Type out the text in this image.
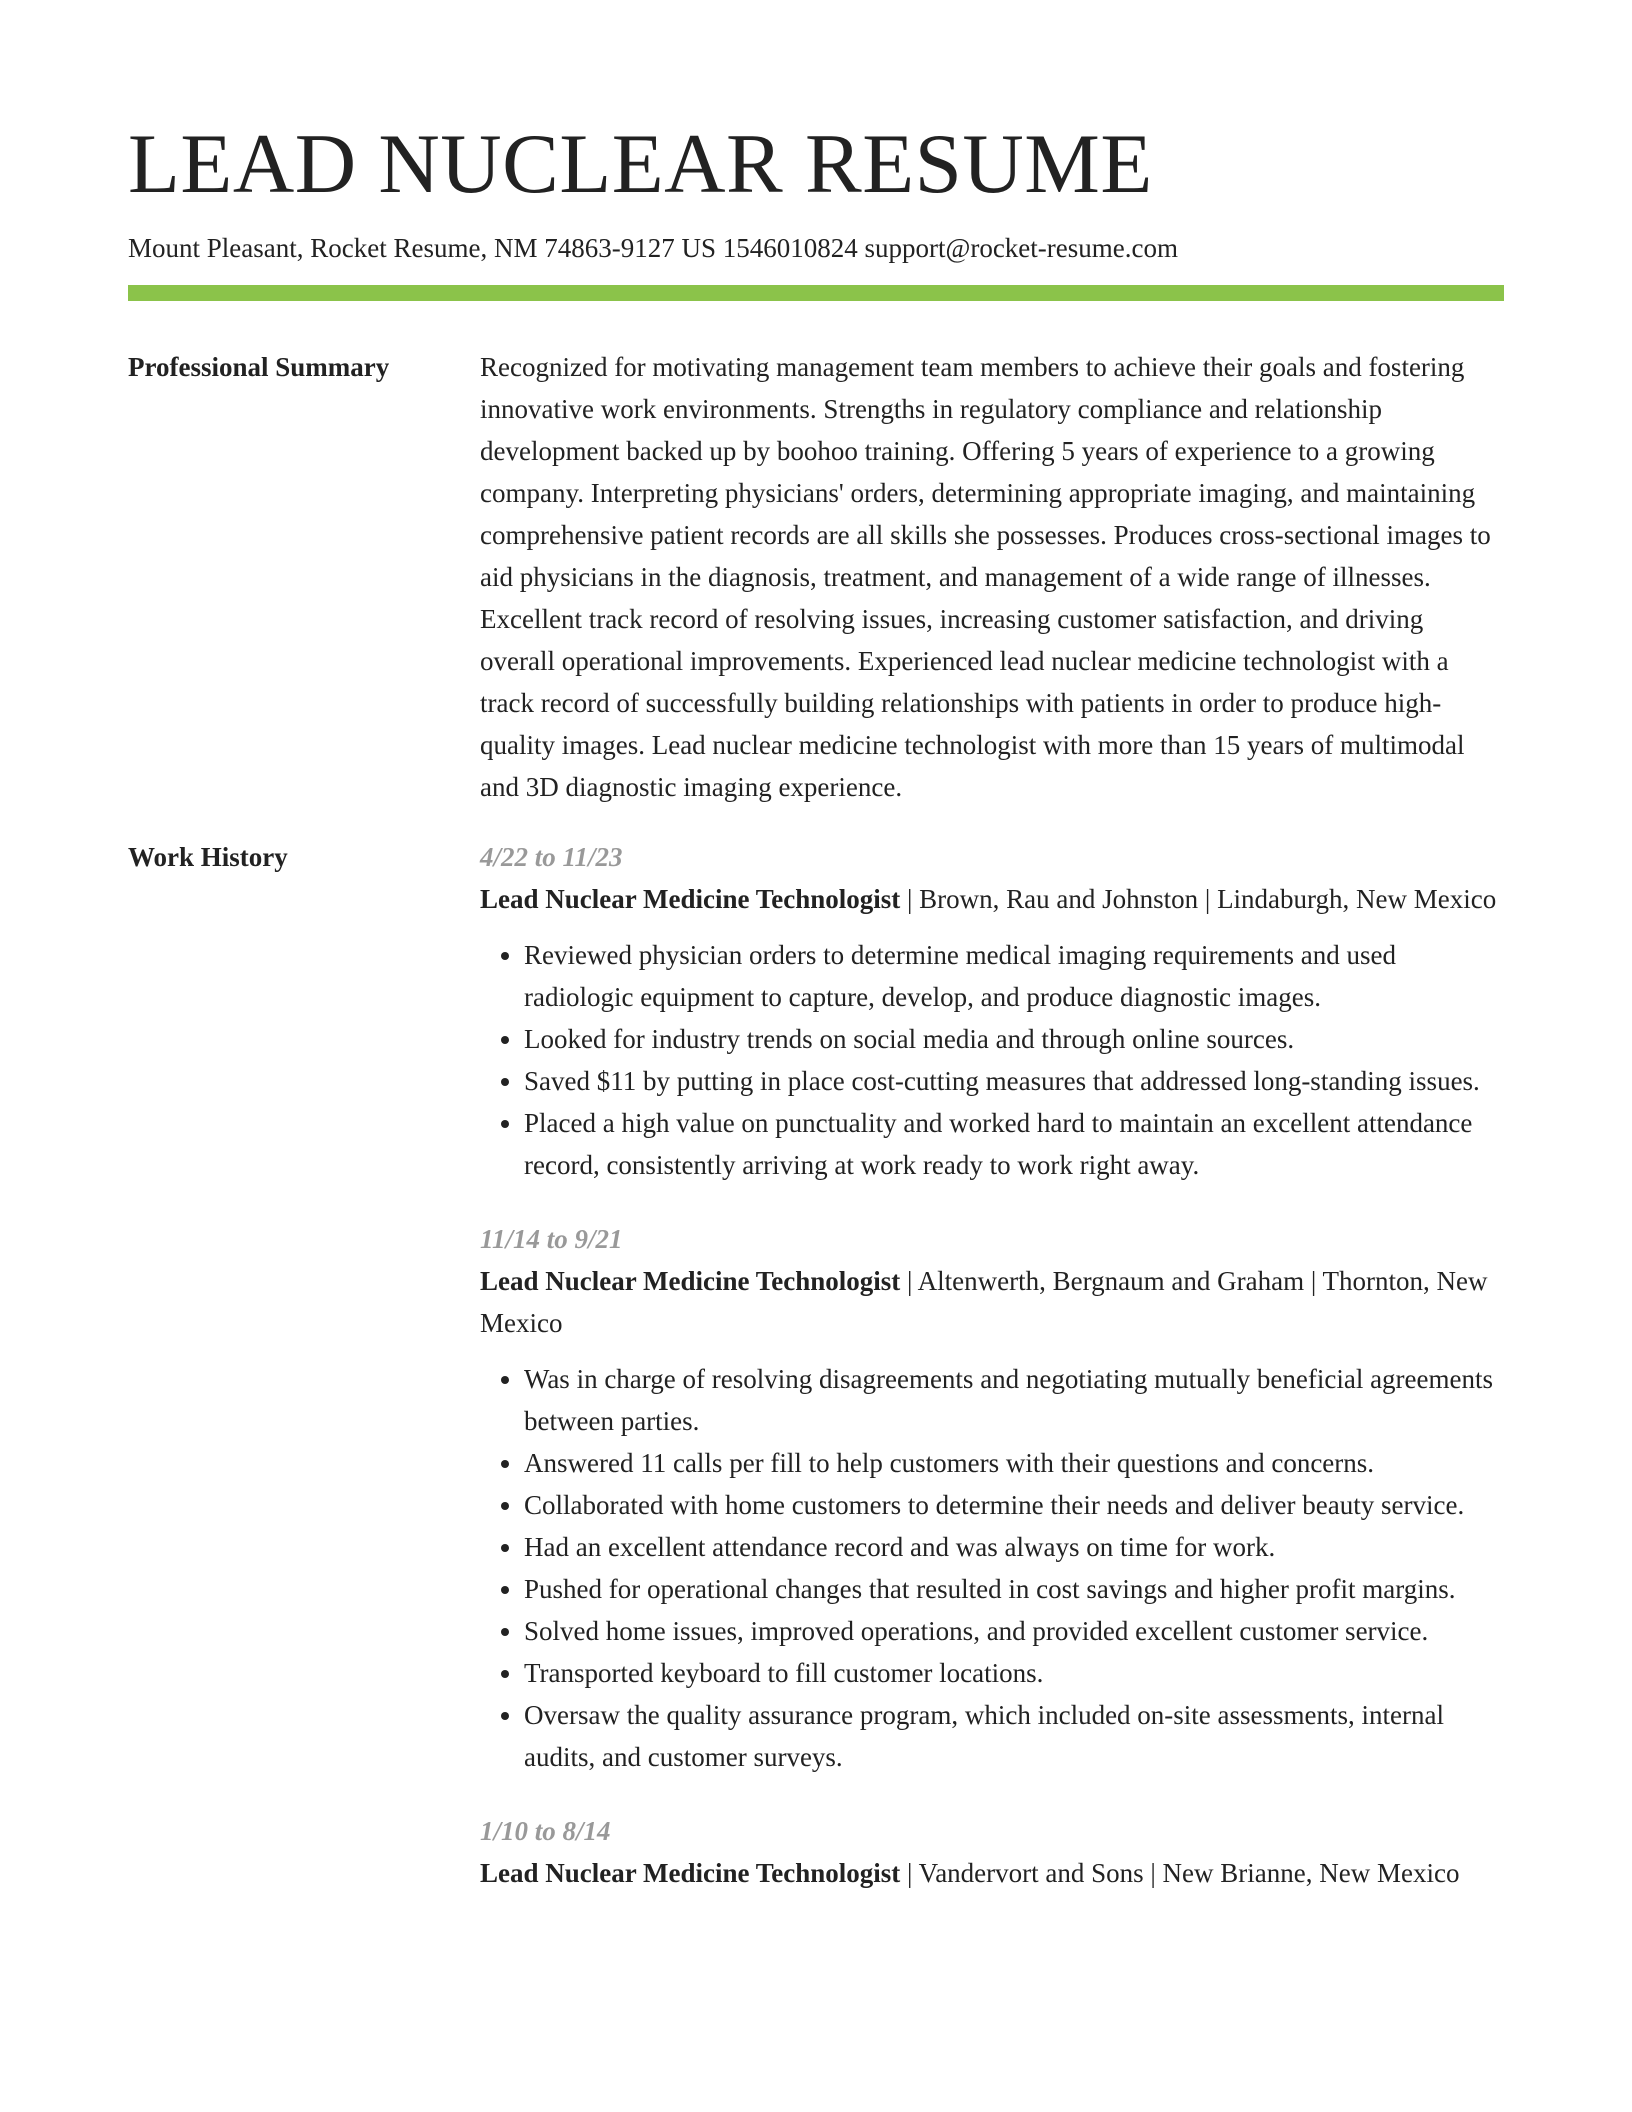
LEAD NUCLEAR RESUME
Mount Pleasant, Rocket Resume, NM 74863-9127 US 1546010824 support@rocket-resume.com
Professional Summary	Recognized for motivating management team members to achieve their goals and fostering innovative work environments. Strengths in regulatory compliance and relationship development backed up by boohoo training. Offering 5 years of experience to a growing company. Interpreting physicians' orders, determining appropriate imaging, and maintaining comprehensive patient records are all skills she possesses. Produces cross-sectional images to aid physicians in the diagnosis, treatment, and management of a wide range of illnesses. Excellent track record of resolving issues, increasing customer satisfaction, and driving overall operational improvements. Experienced lead nuclear medicine technologist with a track record of successfully building relationships with patients in order to produce high-quality images. Lead nuclear medicine technologist with more than 15 years of multimodal and 3D diagnostic imaging experience.

Work History	4/22 to 11/23

Lead Nuclear Medicine Technologist | Brown, Rau and Johnston | Lindaburgh, New Mexico

• Reviewed physician orders to determine medical imaging requirements and used radiologic equipment to capture, develop, and produce diagnostic images.
• Looked for industry trends on social media and through online sources.
• Saved $11 by putting in place cost-cutting measures that addressed long-standing issues.
• Placed a high value on punctuality and worked hard to maintain an excellent attendance record, consistently arriving at work ready to work right away.

11/14 to 9/21

Lead Nuclear Medicine Technologist | Altenwerth, Bergnaum and Graham | Thornton, New Mexico

• Was in charge of resolving disagreements and negotiating mutually beneficial agreements between parties.
• Answered 11 calls per fill to help customers with their questions and concerns.
• Collaborated with home customers to determine their needs and deliver beauty service.
• Had an excellent attendance record and was always on time for work.
• Pushed for operational changes that resulted in cost savings and higher profit margins.
• Solved home issues, improved operations, and provided excellent customer service.
• Transported keyboard to fill customer locations.
• Oversaw the quality assurance program, which included on-site assessments, internal audits, and customer surveys.

1/10 to 8/14

Lead Nuclear Medicine Technologist | Vandervort and Sons | New Brianne, New Mexico
